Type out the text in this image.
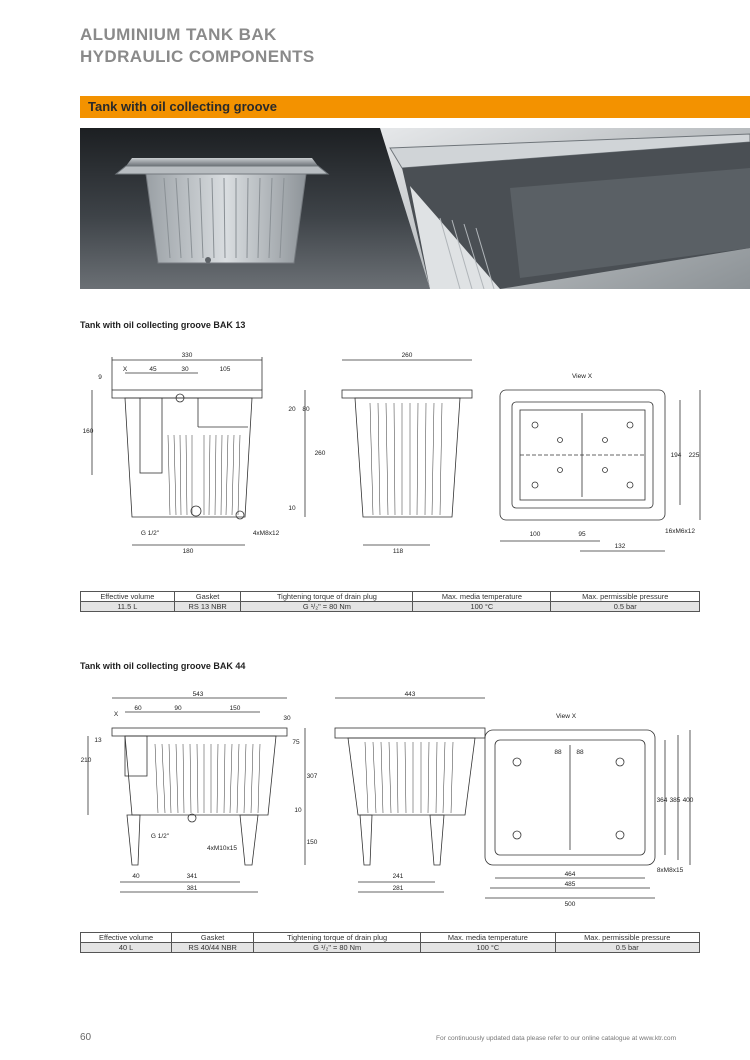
ALUMINIUM TANK BAK
HYDRAULIC COMPONENTS
Tank with oil collecting groove
Tank with oil collecting groove BAK 13
330
45	30	105
X
9
160
260
20 80
10
G 1/2"	4xM8x12
180
260
118
View X
194 225
100	95
132
16xM6x12
Effective volume	Gasket	Tightening torque of drain plug	Max. media temperature	Max. permissible pressure
11.5 L	RS 13 NBR	G ¹/₂" = 80 Nm	100 °C	0.5 bar
Tank with oil collecting groove BAK 44
543
60	90	150
X
30
13	75
210
307
10
150
G 1/2"
4xM10x15
40	341
381
443
241
281
View X
88 88
364 385 400
464
485
500
8xM8x15
Effective volume	Gasket	Tightening torque of drain plug	Max. media temperature	Max. permissible pressure
40 L	RS 40/44 NBR	G ¹/₂" = 80 Nm	100 °C	0.5 bar
60	For continuously updated data please refer to our online catalogue at www.ktr.com
